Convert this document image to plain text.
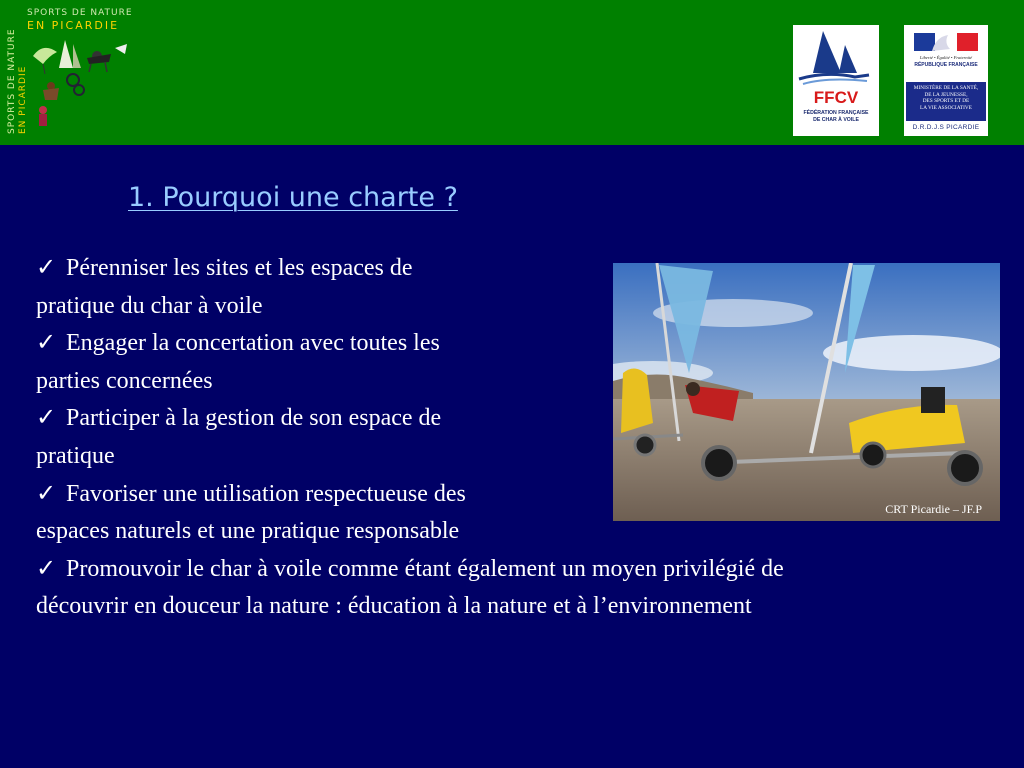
SPORTS DE NATURE EN PICARDIE
SPORTS DE NATURE
EN PICARDIE
FFCV
FÉDÉRATION FRANÇAISE
DE CHAR À VOILE
Liberté • Égalité • Fraternité
RÉPUBLIQUE FRANÇAISE
MINISTÈRE DE LA SANTÉ,
DE LA JEUNESSE,
DES SPORTS ET DE
LA VIE ASSOCIATIVE
D.R.D.J.S PICARDIE
1. Pourquoi une charte ?
✓ Pérenniser les sites et les espaces de
pratique du char à voile
✓ Engager la concertation avec toutes les
parties concernées
✓ Participer à la gestion de son espace de
pratique
✓ Favoriser une utilisation respectueuse des
espaces naturels et une pratique responsable
✓ Promouvoir le char à voile comme étant également un moyen privilégié de
découvrir en douceur la nature : éducation à la nature et à l’environnement
CRT Picardie – JF.P
